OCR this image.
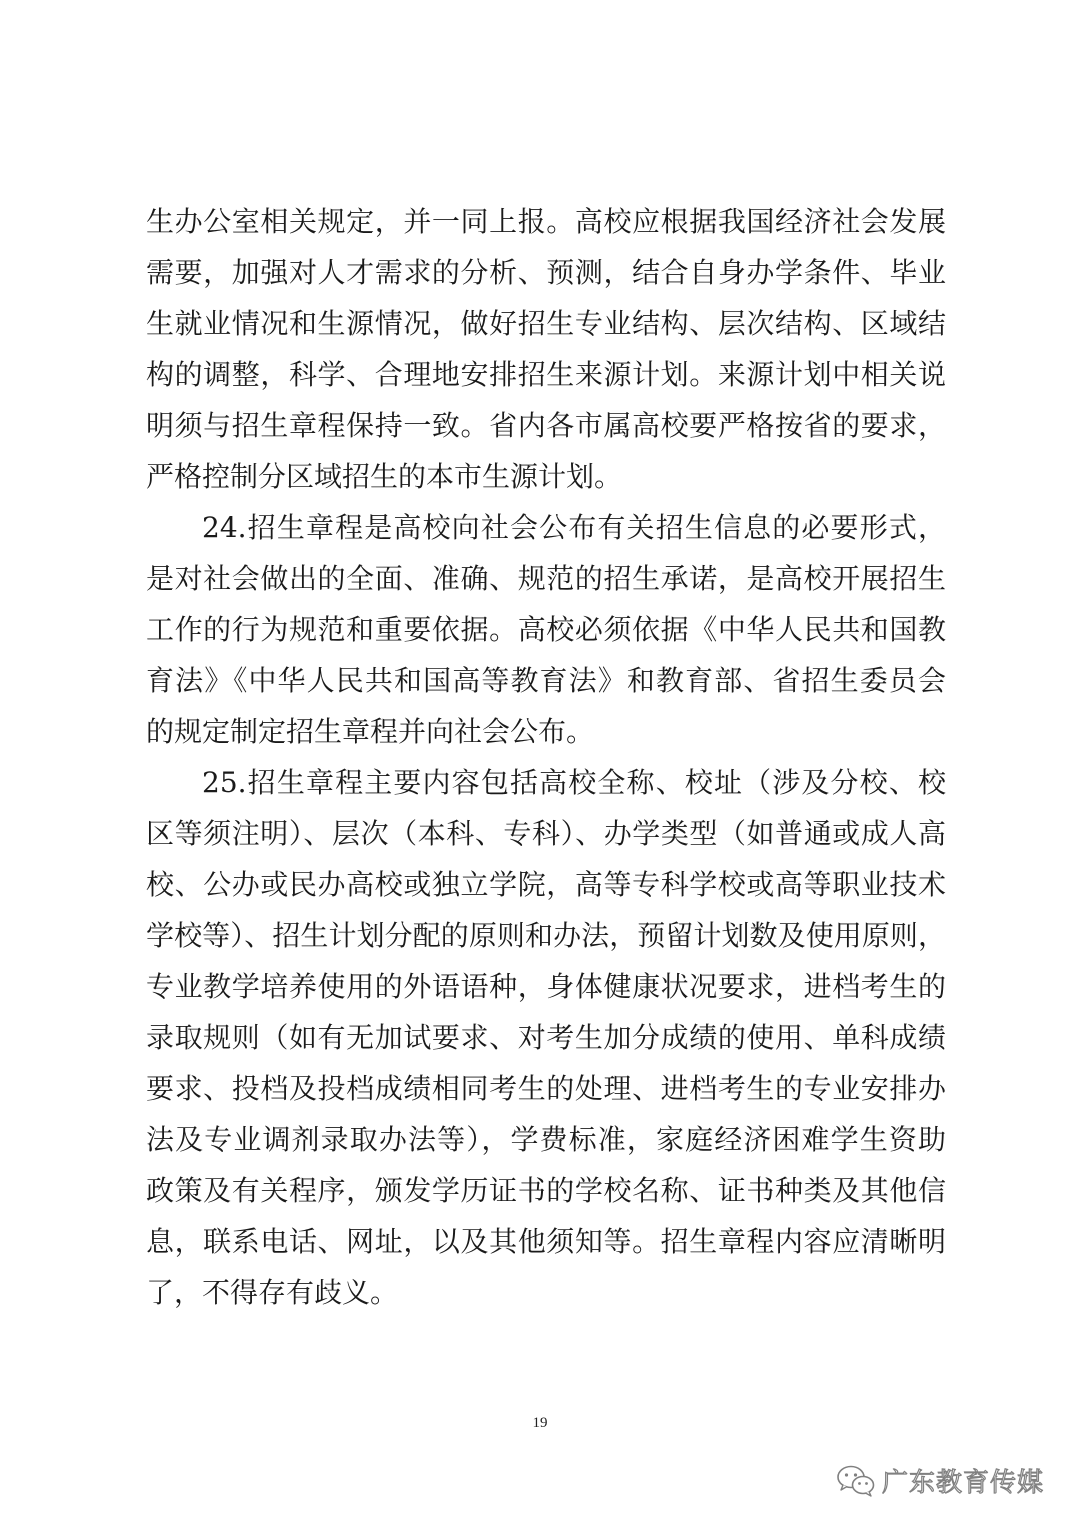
生办公室相关规定，并一同上报。高校应根据我国经济社会发展
需要，加强对人才需求的分析、预测，结合自身办学条件、毕业
生就业情况和生源情况，做好招生专业结构、层次结构、区域结
构的调整，科学、合理地安排招生来源计划。来源计划中相关说
明须与招生章程保持一致。省内各市属高校要严格按省的要求，
严格控制分区域招生的本市生源计划。
24.招生章程是高校向社会公布有关招生信息的必要形式，
是对社会做出的全面、准确、规范的招生承诺，是高校开展招生
工作的行为规范和重要依据。高校必须依据《中华人民共和国教
育法》《中华人民共和国高等教育法》和教育部、省招生委员会
的规定制定招生章程并向社会公布。
25.招生章程主要内容包括高校全称、校址（涉及分校、校
区等须注明）、层次（本科、专科）、办学类型（如普通或成人高
校、公办或民办高校或独立学院，高等专科学校或高等职业技术
学校等）、招生计划分配的原则和办法，预留计划数及使用原则，
专业教学培养使用的外语语种，身体健康状况要求，进档考生的
录取规则（如有无加试要求、对考生加分成绩的使用、单科成绩
要求、投档及投档成绩相同考生的处理、进档考生的专业安排办
法及专业调剂录取办法等），学费标准，家庭经济困难学生资助
政策及有关程序，颁发学历证书的学校名称、证书种类及其他信
息，联系电话、网址，以及其他须知等。招生章程内容应清晰明
了，不得存有歧义。
19
广东教育传媒
